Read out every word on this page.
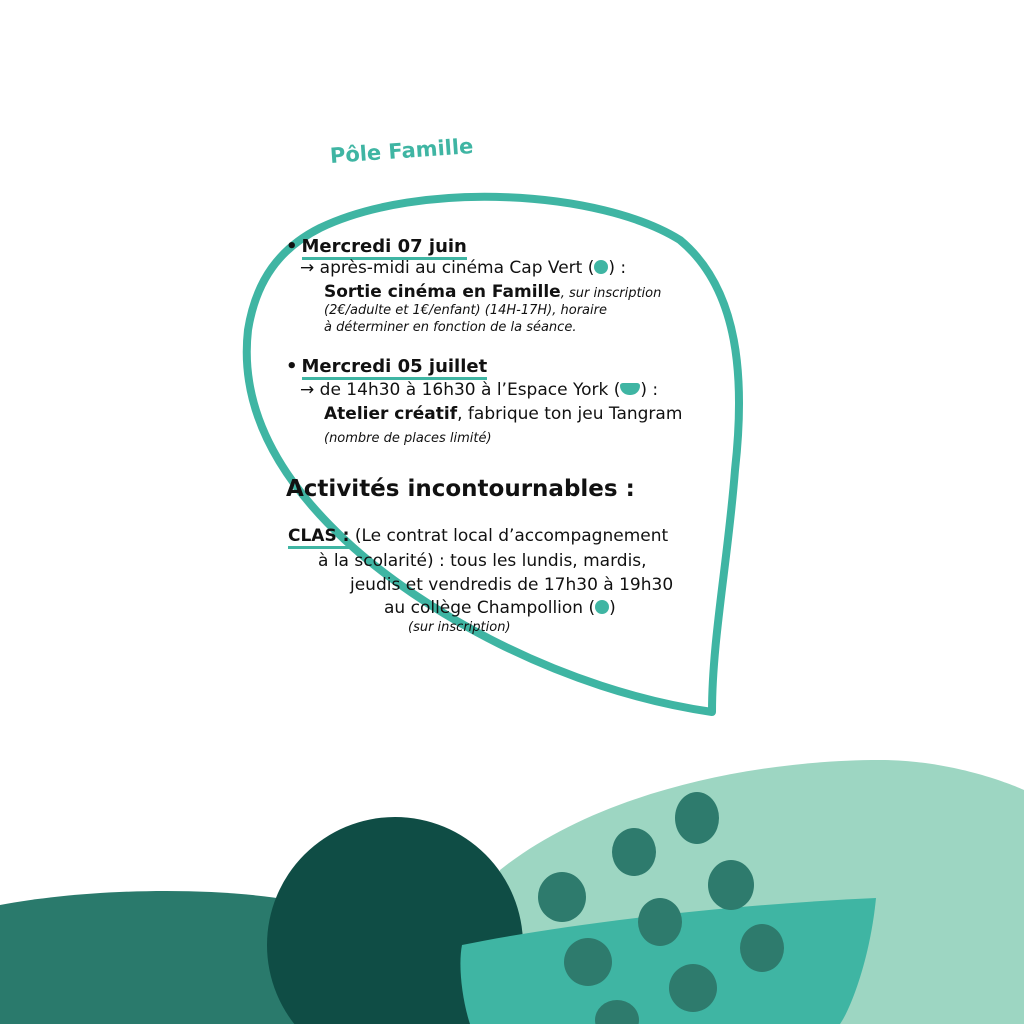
Pôle Famille
• Mercredi 07 juin
→ après-midi au cinéma Cap Vert ( ) :
Sortie cinéma en Famille, sur inscription
(2€/adulte et 1€/enfant) (14H-17H), horaire
à déterminer en fonction de la séance.
• Mercredi 05 juillet
→ de 14h30 à 16h30 à l’Espace York ( ) :
Atelier créatif, fabrique ton jeu Tangram
(nombre de places limité)
Activités incontournables :
CLAS : (Le contrat local d’accompagnement
à la scolarité) : tous les lundis, mardis,
jeudis et vendredis de 17h30 à 19h30
au collège Champollion ( )
(sur inscription)
